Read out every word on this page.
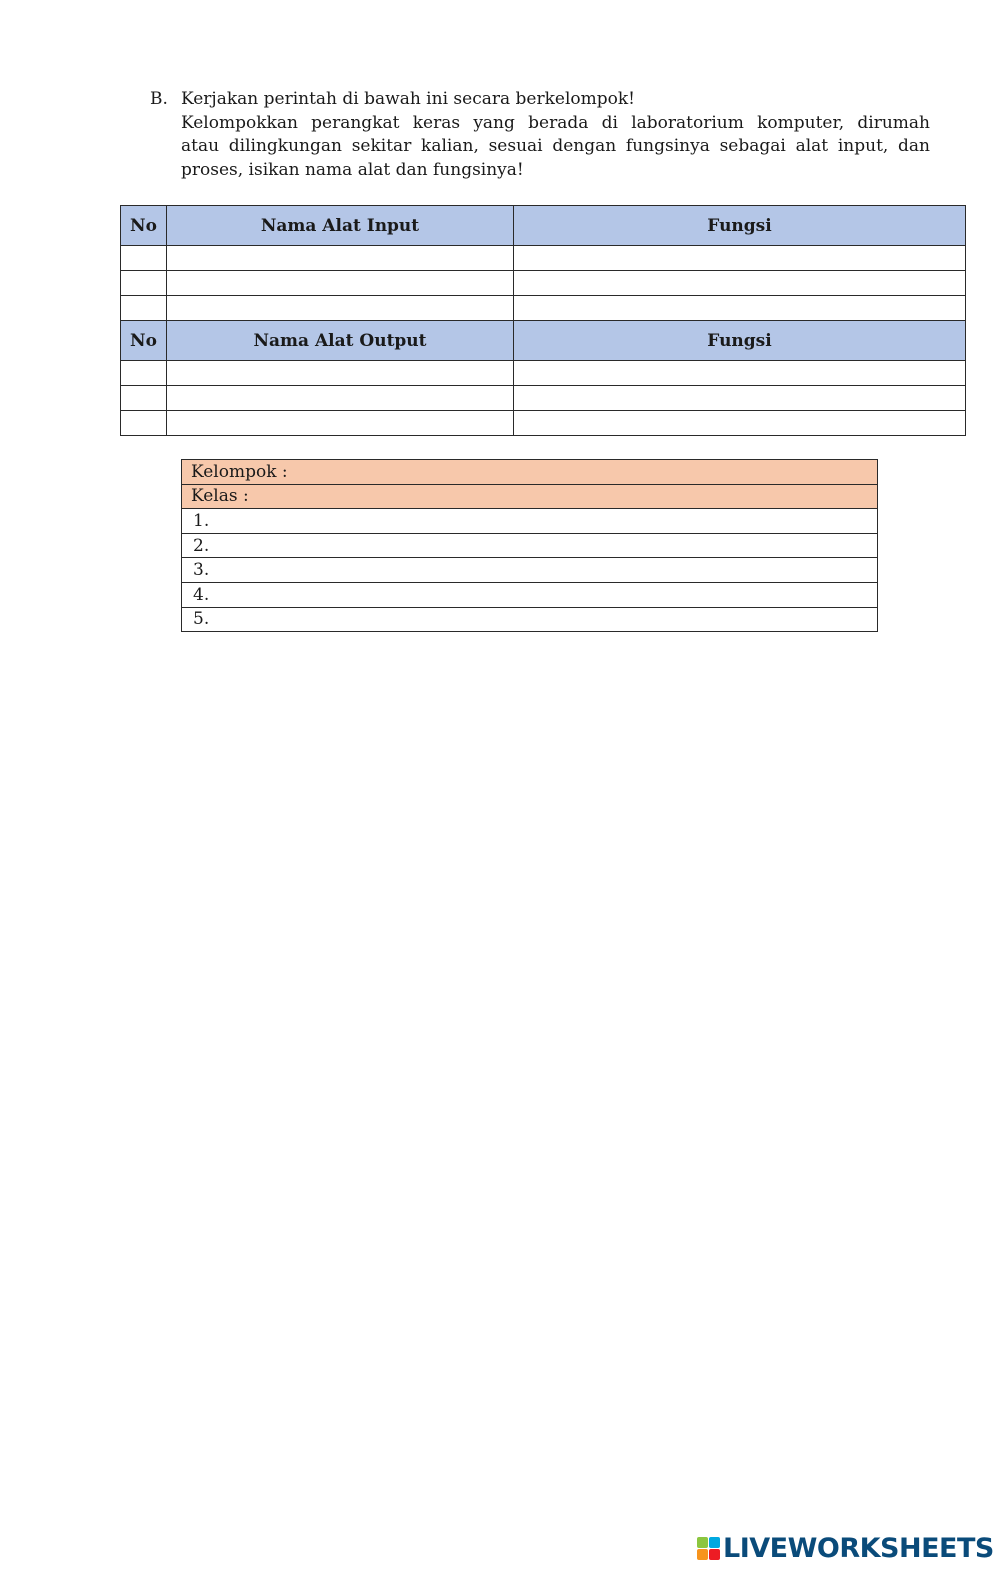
B. Kerjakan perintah di bawah ini secara berkelompok!
Kelompokkan perangkat keras yang berada di laboratorium komputer, dirumah
atau dilingkungan sekitar kalian, sesuai dengan fungsinya sebagai alat input, dan
proses, isikan nama alat dan fungsinya!
No	Nama Alat Input	Fungsi

No	Nama Alat Output	Fungsi

Kelompok :
Kelas :
1.
2.
3.
4.
5.
LIVEWORKSHEETS
